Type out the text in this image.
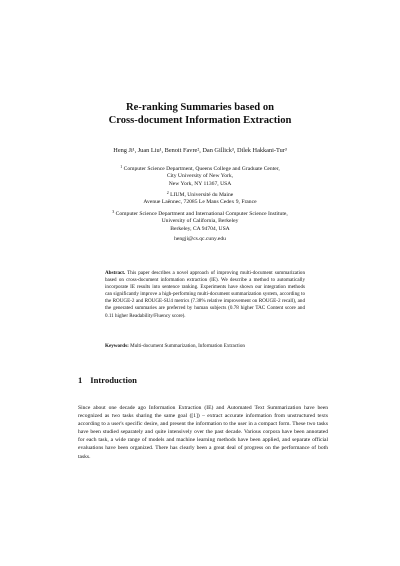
Re-ranking Summaries based on
Cross-document Information Extraction
Heng Ji¹, Juan Liu¹, Benoit Favre², Dan Gillick³, Dilek Hakkani-Tur³
$^1$ Computer Science Department, Queens College and Graduate Center,
City University of New York,
New York, NY 11367, USA
$^2$ LIUM, Université du Maine
Avenue Laënnec, 72085 Le Mans Cedex 9, France
$^3$ Computer Science Department and International Computer Science Institute,
University of California, Berkeley
Berkeley, CA 94704, USA
hengji@cs.qc.cuny.edu
Abstract. This paper describes a novel approach of improving multi-document summarization based on cross-document information extraction (IE). We describe a method to automatically incorporate IE results into sentence ranking. Experiments have shown our integration methods can significantly improve a high-performing multi-document summarization system, according to the ROUGE-2 and ROUGE-SU4 metrics (7.38% relative improvement on ROUGE-2 recall), and the generated summaries are preferred by human subjects (0.78 higher TAC Content score and 0.11 higher Readability/Fluency score).
Keywords: Multi-document Summarization, Information Extraction
1 Introduction
Since about one decade ago Information Extraction (IE) and Automated Text Summarization have been recognized as two tasks sharing the same goal ([1]) – extract accurate information from unstructured texts according to a user's specific desire, and present the information to the user in a compact form. These two tasks have been studied separately and quite intensively over the past decade. Various corpora have been annotated for each task, a wide range of models and machine learning methods have been applied, and separate official evaluations have been organized. There has clearly been a great deal of progress on the performance of both tasks.
